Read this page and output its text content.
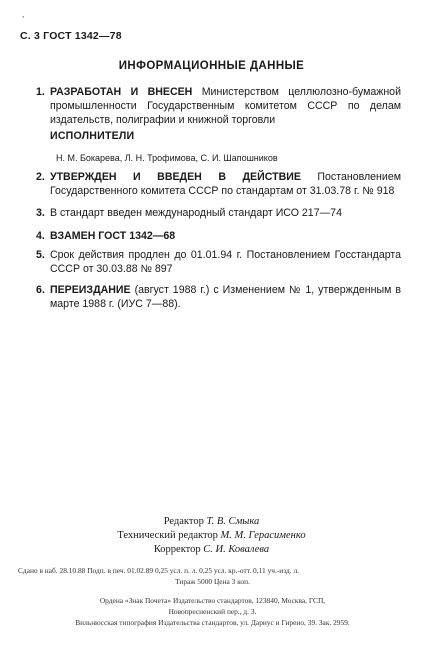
,
С. 3 ГОСТ 1342—78
ИНФОРМАЦИОННЫЕ ДАННЫЕ
1. РАЗРАБОТАН И ВНЕСЕН Министерством целлюлозно-бумажной промышленности Государственным комитетом СССР по делам издательств, полиграфии и книжной торговли
ИСПОЛНИТЕЛИ
Н. М. Бокарева, Л. Н. Трофимова, С. И. Шапошников
2. УТВЕРЖДЕН И ВВЕДЕН В ДЕЙСТВИЕ Постановлением Государственного комитета СССР по стандартам от 31.03.78 г. № 918
3. В стандарт введен международный стандарт ИСО 217—74
4. ВЗАМЕН ГОСТ 1342—68
5. Срок действия продлен до 01.01.94 г. Постановлением Госстандарта СССР от 30.03.88 № 897
6. ПЕРЕИЗДАНИЕ (август 1988 г.) с Изменением № 1, утвержденным в марте 1988 г. (ИУС 7—88).
Редактор Т. В. Смыка
Технический редактор М. М. Герасименко
Корректор С. И. Ковалева
Сдано в наб. 28.10.88 Подп. в печ. 01.02.89 0,25 усл. п. л. 0,25 усл. кр.-отт. 0,11 уч.-изд. л.
Тираж 5000 Цена 3 коп.
Ордена «Знак Почета» Издательство стандартов, 123840, Москва, ГСП,
Новопресненский пер., д. 3.
Вильнюсская типография Издательства стандартов, ул. Дариус и Гирено, 39. Зак. 2959.
